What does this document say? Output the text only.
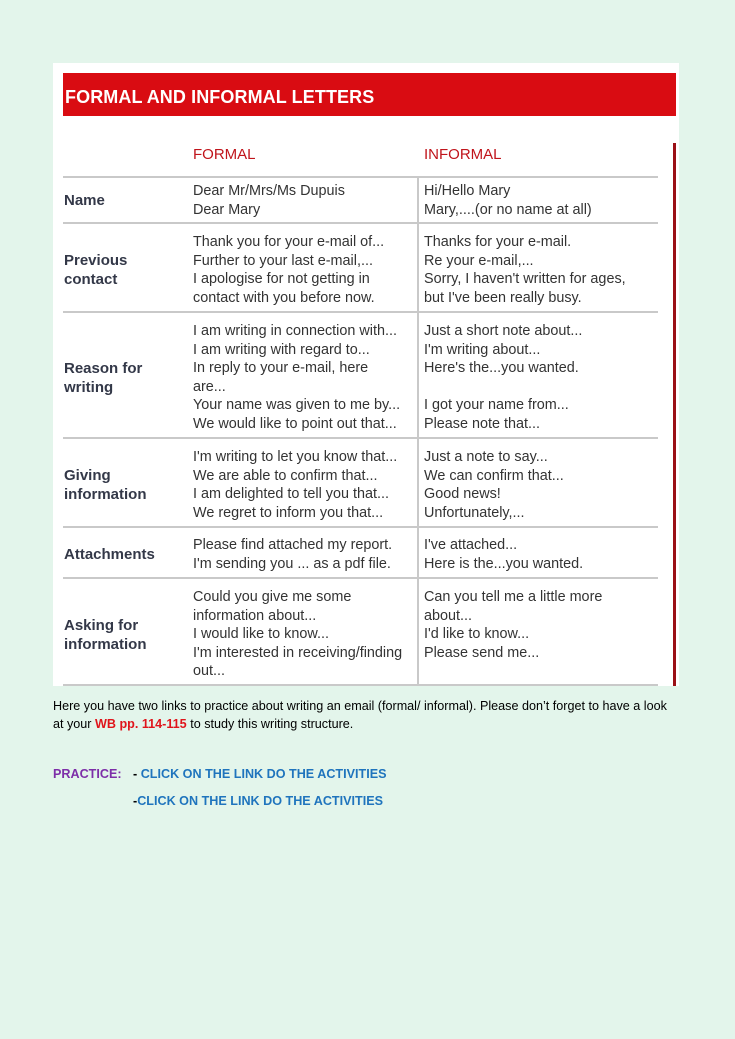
FORMAL AND INFORMAL LETTERS
FORMAL	INFORMAL
Name
Dear Mr/Mrs/Ms Dupuis
Dear Mary
Hi/Hello Mary
Mary,....(or no name at all)
Previous
contact
Thank you for your e-mail of...
Further to your last e-mail,...
I apologise for not getting in
contact with you before now.
Thanks for your e-mail.
Re your e-mail,...
Sorry, I haven't written for ages,
but I've been really busy.
Reason for
writing
I am writing in connection with...
I am writing with regard to...
In reply to your e-mail, here
are...
Your name was given to me by...
We would like to point out that...
Just a short note about...
I'm writing about...
Here's the...you wanted.
I got your name from...
Please note that...
Giving
information
I'm writing to let you know that...
We are able to confirm that...
I am delighted to tell you that...
We regret to inform you that...
Just a note to say...
We can confirm that...
Good news!
Unfortunately,...
Attachments
Please find attached my report.
I'm sending you ... as a pdf file.
I've attached...
Here is the...you wanted.
Asking for
information
Could you give me some
information about...
I would like to know...
I'm interested in receiving/finding
out...
Can you tell me a little more
about...
I'd like to know...
Please send me...
Here you have two links to practice about writing an email (formal/ informal). Please don’t forget to have a look at your WB pp. 114-115 to study this writing structure.
PRACTICE: - CLICK ON THE LINK DO THE ACTIVITIES
-CLICK ON THE LINK DO THE ACTIVITIES
